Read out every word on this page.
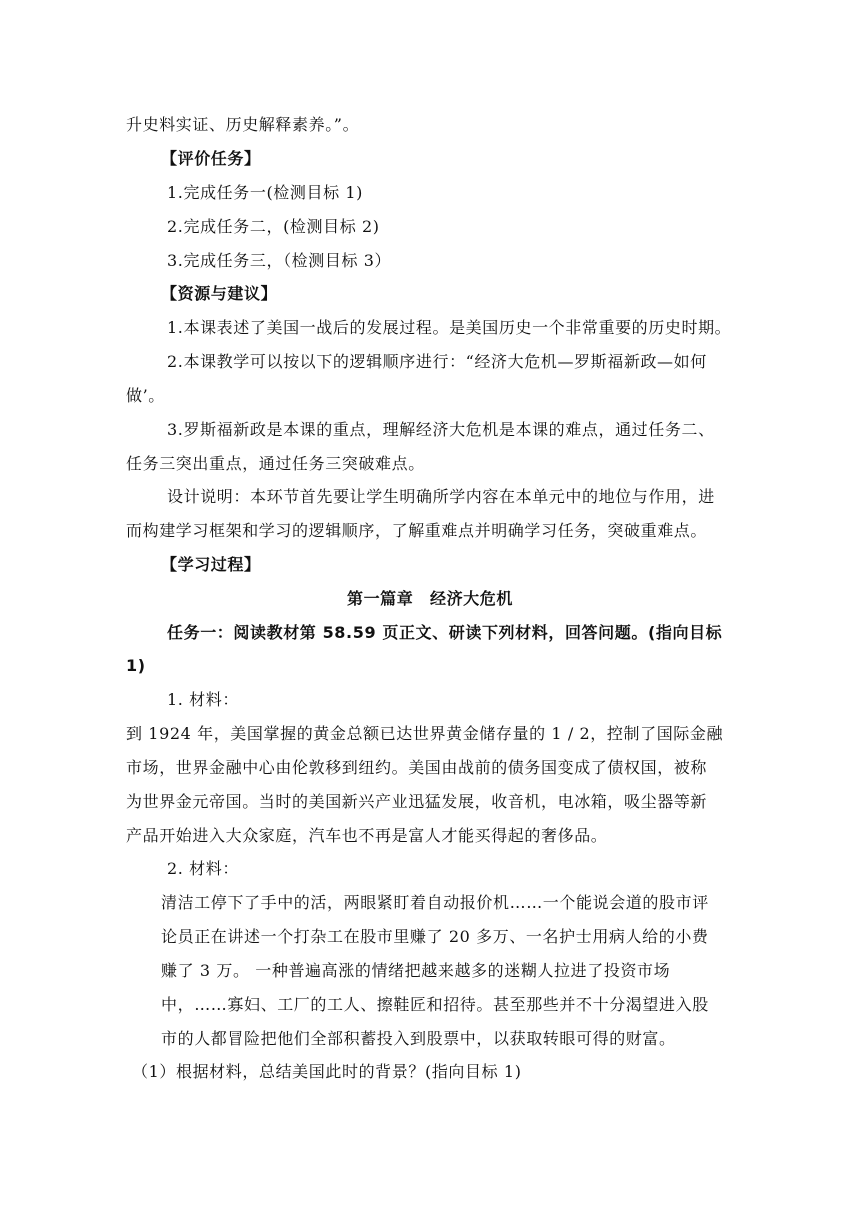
升史料实证、历史解释素养。”。
【评价任务】
1.完成任务一(检测目标 1)
2.完成任务二，(检测目标 2)
3.完成任务三，（检测目标 3）
【资源与建议】
1.本课表述了美国一战后的发展过程。是美国历史一个非常重要的历史时期。
2.本课教学可以按以下的逻辑顺序进行：“经济大危机—罗斯福新政—如何
做’。
3.罗斯福新政是本课的重点，理解经济大危机是本课的难点，通过任务二、
任务三突出重点，通过任务三突破难点。
设计说明：本环节首先要让学生明确所学内容在本单元中的地位与作用，进
而构建学习框架和学习的逻辑顺序，了解重难点并明确学习任务，突破重难点。
【学习过程】
第一篇章　经济大危机
任务一：阅读教材第 58.59 页正文、研读下列材料，回答问题。(指向目标
1)
1. 材料：
到 1924 年，美国掌握的黄金总额已达世界黄金储存量的 1 / 2，控制了国际金融
市场，世界金融中心由伦敦移到纽约。美国由战前的债务国变成了债权国，被称
为世界金元帝国。当时的美国新兴产业迅猛发展，收音机，电冰箱，吸尘器等新
产品开始进入大众家庭，汽车也不再是富人才能买得起的奢侈品。
2. 材料：
清洁工停下了手中的活，两眼紧盯着自动报价机……一个能说会道的股市评
论员正在讲述一个打杂工在股市里赚了 20 多万、一名护士用病人给的小费
赚了 3 万。 一种普遍高涨的情绪把越来越多的迷糊人拉进了投资市场
中，……寡妇、工厂的工人、擦鞋匠和招待。甚至那些并不十分渴望进入股
市的人都冒险把他们全部积蓄投入到股票中，以获取转眼可得的财富。
（1）根据材料，总结美国此时的背景？(指向目标 1)
